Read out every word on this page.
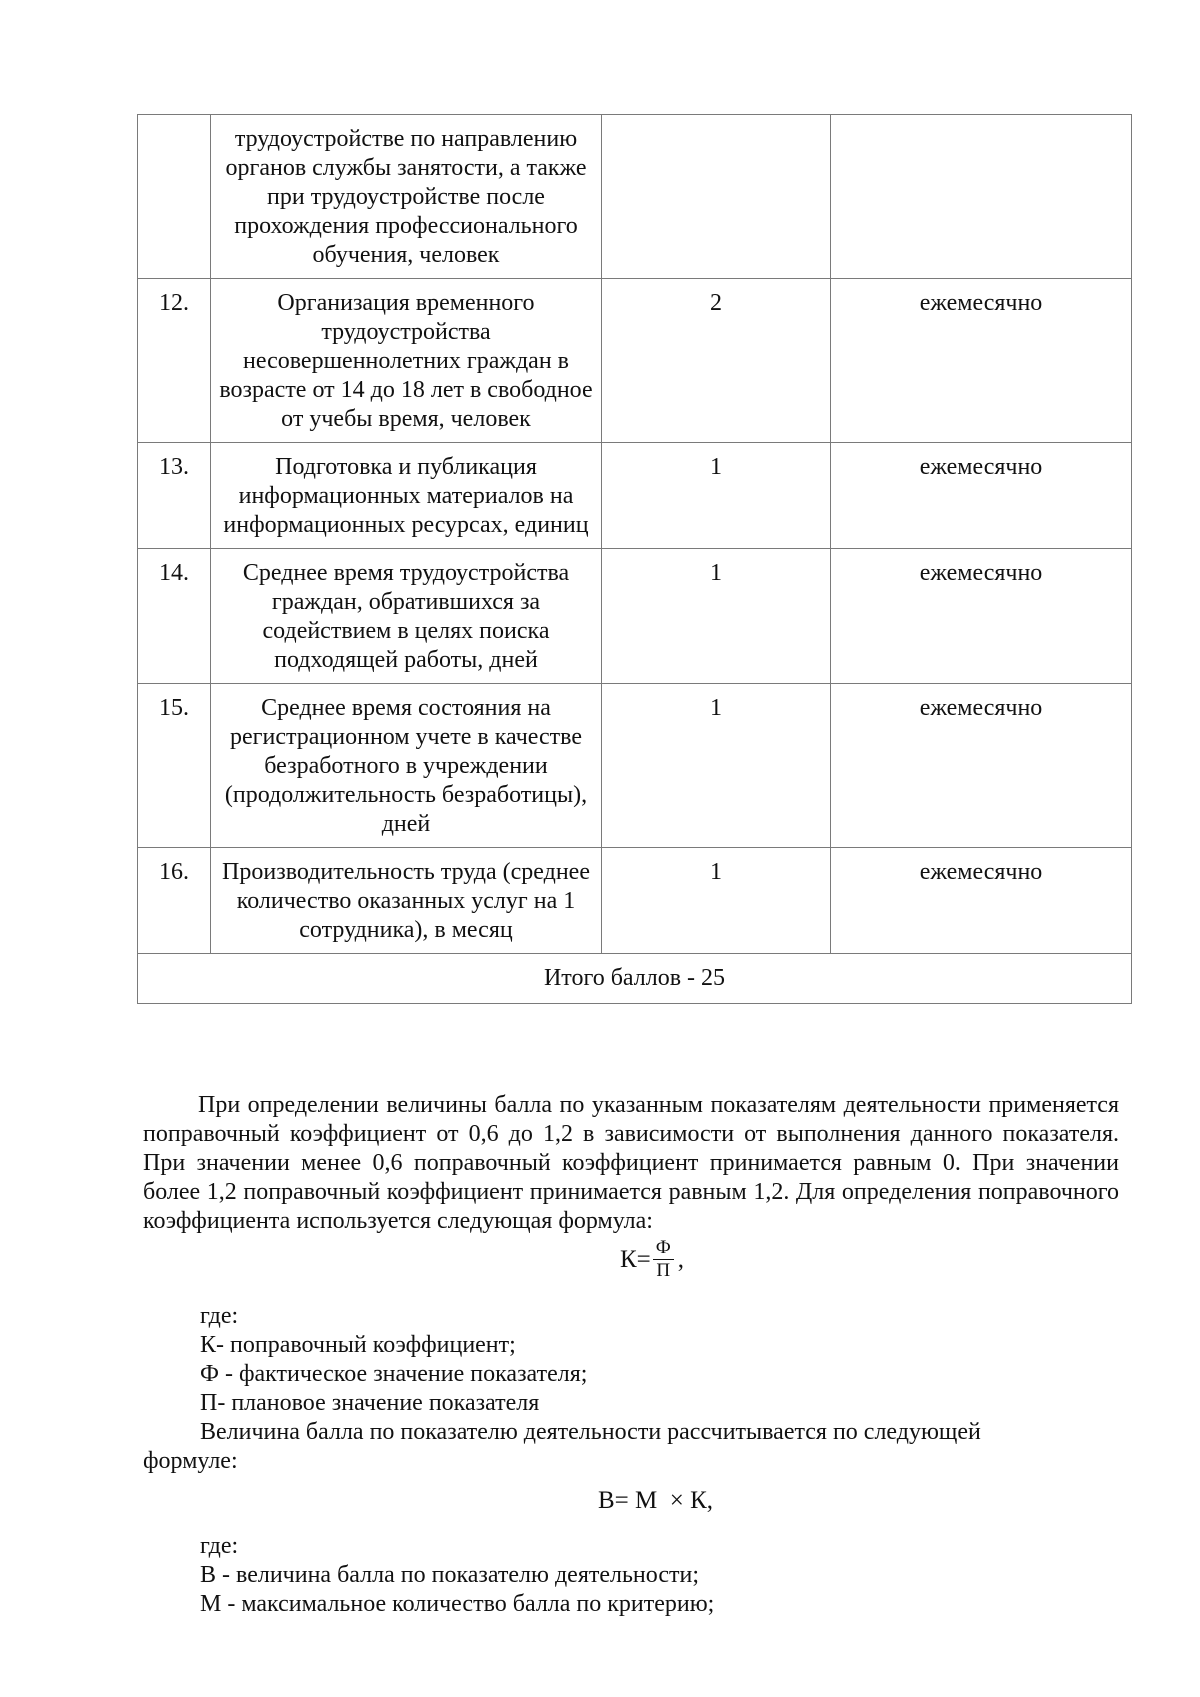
	трудоустройстве по направлению органов службы занятости, а также при трудоустройстве после прохождения профессионального обучения, человек		
12.	Организация временного трудоустройства несовершеннолетних граждан в возрасте от 14 до 18 лет в свободное от учебы время, человек	2	ежемесячно
13.	Подготовка и публикация информационных материалов на информационных ресурсах, единиц	1	ежемесячно
14.	Среднее время трудоустройства граждан, обратившихся за содействием в целях поиска подходящей работы, дней	1	ежемесячно
15.	Среднее время состояния на регистрационном учете в качестве безработного в учреждении (продолжительность безработицы), дней	1	ежемесячно
16.	Производительность труда (среднее количество оказанных услуг на 1 сотрудника), в месяц	1	ежемесячно
Итого баллов - 25			
При определении величины балла по указанным показателям деятельности применяется поправочный коэффициент от 0,6 до 1,2 в зависимости от выполнения данного показателя. При значении менее 0,6 поправочный коэффициент принимается равным 0. При значении более 1,2 поправочный коэффициент принимается равным 1,2. Для определения поправочного коэффициента используется следующая формула:
$К= \frac{Ф}{П}$ ,
где:
К- поправочный коэффициент;
Ф - фактическое значение показателя;
П- плановое значение показателя
Величина балла по показателю деятельности рассчитывается по следующей формуле:
В= М  × К,
где:
В - величина балла по показателю деятельности;
М - максимальное количество балла по критерию;
